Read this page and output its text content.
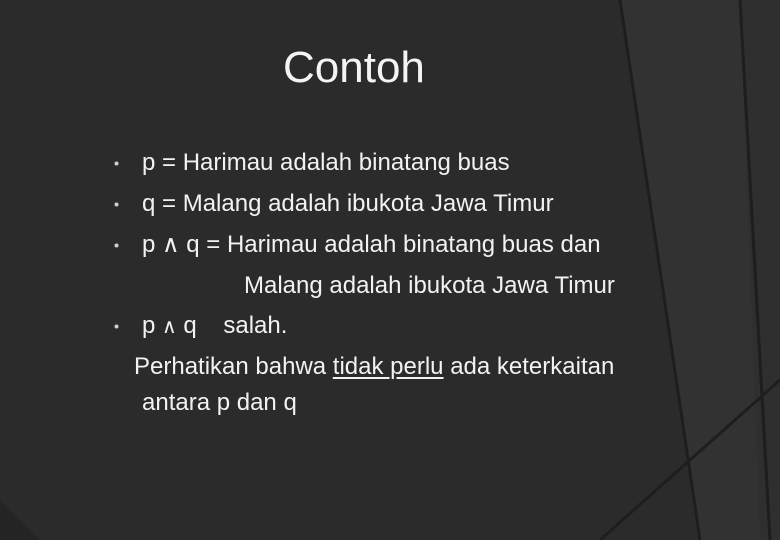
Contoh
p = Harimau adalah binatang buas
q = Malang adalah ibukota Jawa Timur
p ∧ q = Harimau adalah binatang buas dan
Malang adalah ibukota Jawa Timur
p ∧ q salah.
Perhatikan bahwa tidak perlu ada keterkaitan
antara p dan q
